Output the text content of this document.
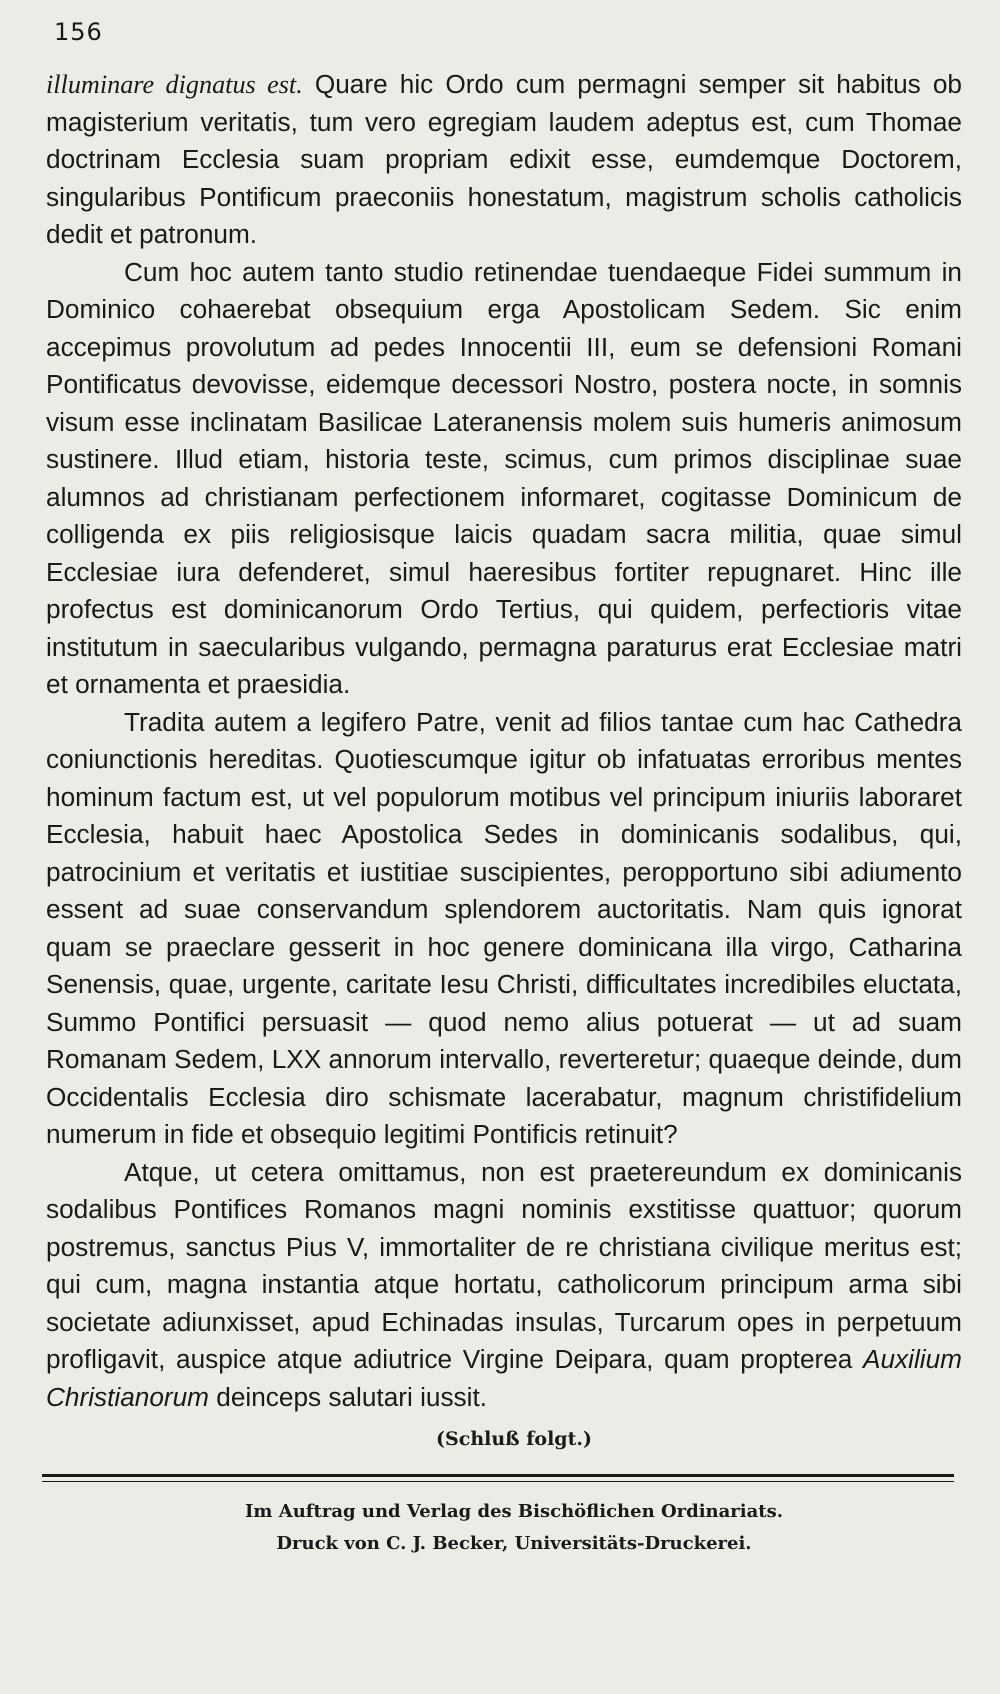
156

illuminare dignatus est. Quare hic Ordo cum permagni semper sit habitus ob magisterium veritatis, tum vero egregiam laudem adeptus est, cum Thomae doctrinam Ecclesia suam propriam edixit esse, eumdemque Doctorem, singularibus Pontificum praeconiis honestatum, magistrum scholis catholicis dedit et patronum.

Cum hoc autem tanto studio retinendae tuendaeque Fidei summum in Dominico cohaerebat obsequium erga Apostolicam Sedem. Sic enim accepimus provolutum ad pedes Innocentii III, eum se defensioni Romani Pontificatus devovisse, eidemque decessori Nostro, postera nocte, in somnis visum esse inclinatam Basilicae Lateranensis molem suis humeris animosum sustinere. Illud etiam, historia teste, scimus, cum primos disciplinae suae alumnos ad christianam perfectionem informaret, cogitasse Dominicum de colligenda ex piis religiosisque laicis quadam sacra militia, quae simul Ecclesiae iura defenderet, simul haeresibus fortiter repugnaret. Hinc ille profectus est dominicanorum Ordo Tertius, qui quidem, perfectioris vitae institutum in saecularibus vulgando, permagna paraturus erat Ecclesiae matri et ornamenta et praesidia.

Tradita autem a legifero Patre, venit ad filios tantae cum hac Cathedra coniunctionis hereditas. Quotiescumque igitur ob infatuatas erroribus mentes hominum factum est, ut vel populorum motibus vel principum iniuriis laboraret Ecclesia, habuit haec Apostolica Sedes in dominicanis sodalibus, qui, patrocinium et veritatis et iustitiae suscipientes, peropportuno sibi adiumento essent ad suae conservandum splendorem auctoritatis. Nam quis ignorat quam se praeclare gesserit in hoc genere dominicana illa virgo, Catharina Senensis, quae, urgente, caritate Iesu Christi, difficultates incredibiles eluctata, Summo Pontifici persuasit — quod nemo alius potuerat — ut ad suam Romanam Sedem, LXX annorum intervallo, reverteretur; quaeque deinde, dum Occidentalis Ecclesia diro schismate lacerabatur, magnum christifidelium numerum in fide et obsequio legitimi Pontificis retinuit?

Atque, ut cetera omittamus, non est praetereundum ex dominicanis sodalibus Pontifices Romanos magni nominis exstitisse quattuor; quorum postremus, sanctus Pius V, immortaliter de re christiana civilique meritus est; qui cum, magna instantia atque hortatu, catholicorum principum arma sibi societate adiunxisset, apud Echinadas insulas, Turcarum opes in perpetuum profligavit, auspice atque adiutrice Virgine Deipara, quam propterea Auxilium Christianorum deinceps salutari iussit.

(Schluß folgt.)
Im Auftrag und Verlag des Bischöflichen Ordinariats.
Druck von C. J. Becker, Universitäts-Druckerei.
